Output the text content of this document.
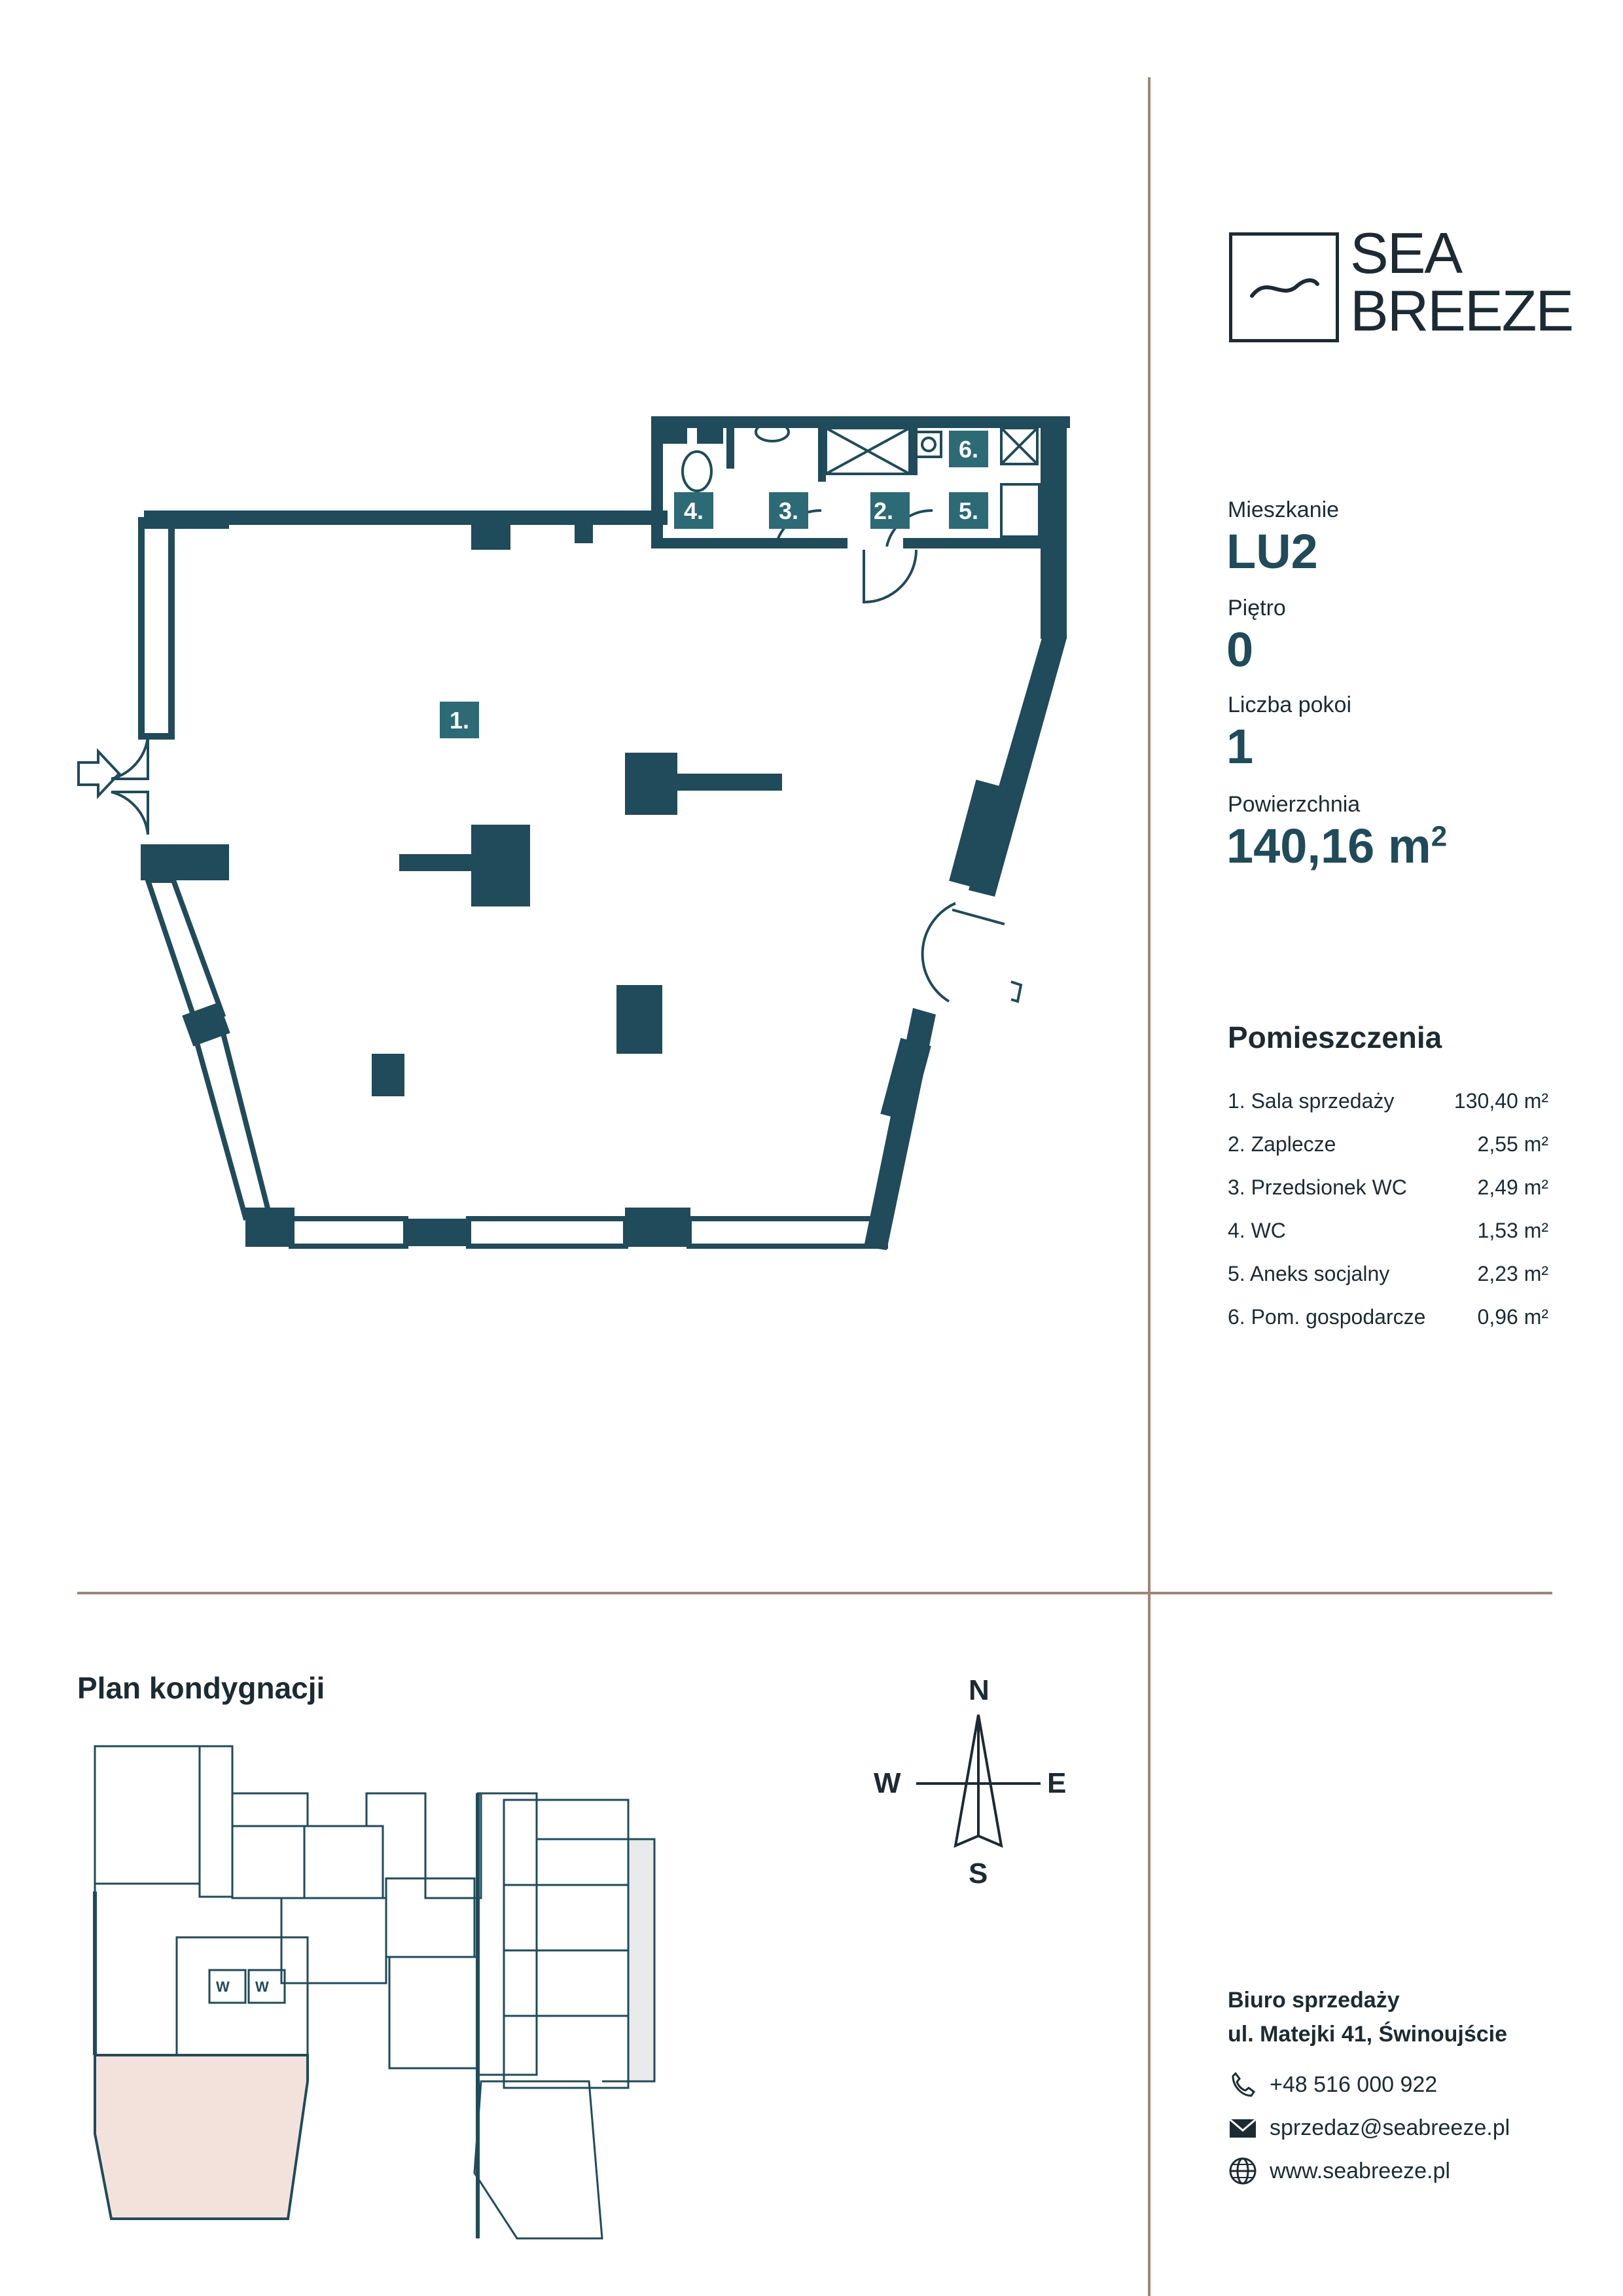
SEA
BREEZE
Mieszkanie
LU2
Piętro
0
Liczba pokoi
1
Powierzchnia
140,16 $m^2$
Pomieszczenia
1. Sala sprzedaży	130,40 m²
2. Zaplecze	2,55 m²
3. Przedsionek WC	2,49 m²
4. WC	1,53 m²
5. Aneks socjalny	2,23 m²
6. Pom. gospodarcze 0,96 m²
1.
2.
3.
4.	5.
6.
Plan kondygnacji
W W
N
S
W	E
Biuro sprzedaży
ul. Matejki 41, Świnoujście
+48 516 000 922
sprzedaz@seabreeze.pl
www.seabreeze.pl
